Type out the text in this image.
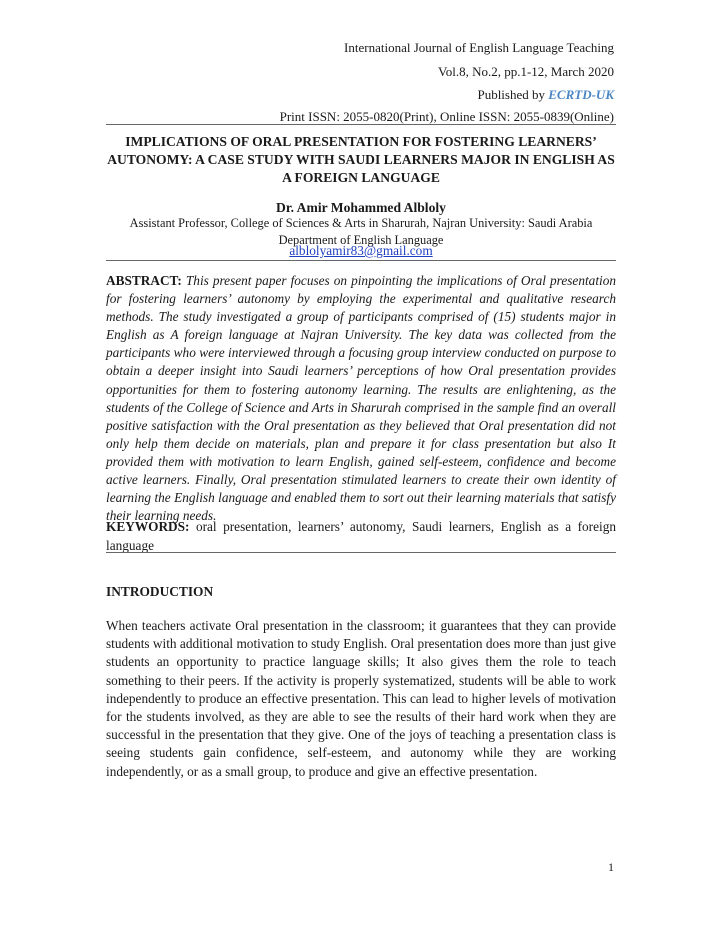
International Journal of English Language Teaching
Vol.8, No.2, pp.1-12, March 2020
Published by ECRTD-UK
Print ISSN: 2055-0820(Print), Online ISSN: 2055-0839(Online)
IMPLICATIONS OF ORAL PRESENTATION FOR FOSTERING LEARNERS’ AUTONOMY: A CASE STUDY WITH SAUDI LEARNERS MAJOR IN ENGLISH AS A FOREIGN LANGUAGE
Dr. Amir Mohammed Albloly
Assistant Professor, College of Sciences & Arts in Sharurah, Najran University: Saudi Arabia
Department of English Language
alblolyamir83@gmail.com
ABSTRACT: This present paper focuses on pinpointing the implications of Oral presentation for fostering learners’ autonomy by employing the experimental and qualitative research methods. The study investigated a group of participants comprised of (15) students major in English as A foreign language at Najran University. The key data was collected from the participants who were interviewed through a focusing group interview conducted on purpose to obtain a deeper insight into Saudi learners’ perceptions of how Oral presentation provides opportunities for them to fostering autonomy learning. The results are enlightening, as the students of the College of Science and Arts in Sharurah comprised in the sample find an overall positive satisfaction with the Oral presentation as they believed that Oral presentation did not only help them decide on materials, plan and prepare it for class presentation but also It provided them with motivation to learn English, gained self-esteem, confidence and become active learners. Finally, Oral presentation stimulated learners to create their own identity of learning the English language and enabled them to sort out their learning materials that satisfy their learning needs.
KEYWORDS: oral presentation, learners’ autonomy, Saudi learners, English as a foreign language
INTRODUCTION
When teachers activate Oral presentation in the classroom; it guarantees that they can provide students with additional motivation to study English. Oral presentation does more than just give students an opportunity to practice language skills; It also gives them the role to teach something to their peers. If the activity is properly systematized, students will be able to work independently to produce an effective presentation. This can lead to higher levels of motivation for the students involved, as they are able to see the results of their hard work when they are successful in the presentation that they give. One of the joys of teaching a presentation class is seeing students gain confidence, self-esteem, and autonomy while they are working independently, or as a small group, to produce and give an effective presentation.
1
